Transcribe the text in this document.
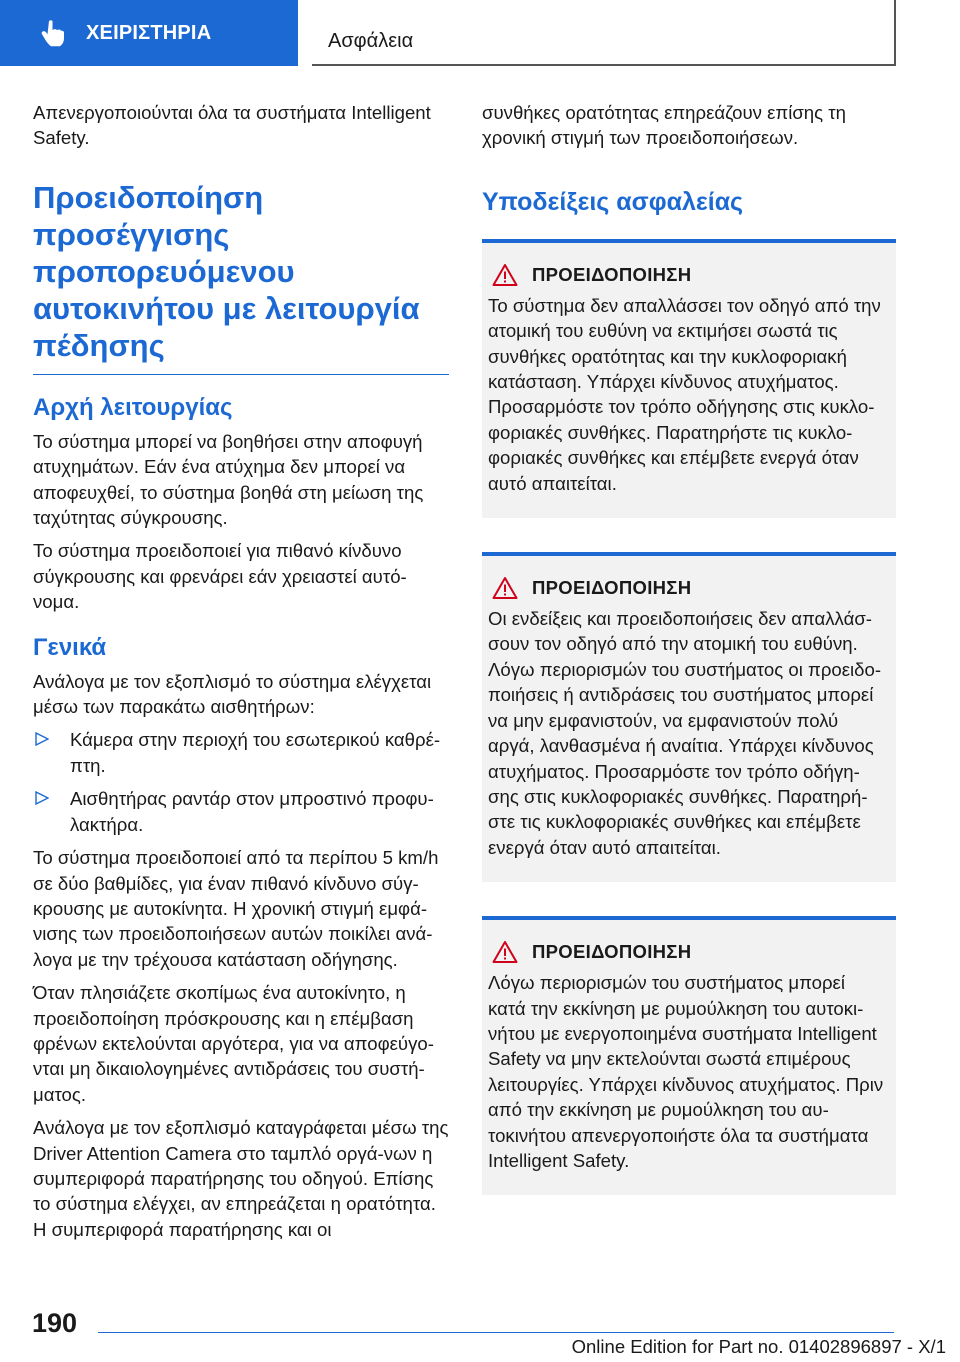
ΧΕΙΡΙΣΤΗΡΙΑ	Ασφάλεια

Απενεργοποιούνται όλα τα συστήματα Intelligent Safety.

Προειδοποίηση προσέγγισης προπορευόμενου αυτοκινήτου με λειτουργία πέδησης
Αρχή λειτουργίας

Το σύστημα μπορεί να βοηθήσει στην αποφυγή ατυχημάτων. Εάν ένα ατύχημα δεν μπορεί να αποφευχθεί, το σύστημα βοηθά στη μείωση της ταχύτητας σύγκρουσης.

Το σύστημα προειδοποιεί για πιθανό κίνδυνο σύγκρουσης και φρενάρει εάν χρειαστεί αυτό-νομα.

Γενικά

Ανάλογα με τον εξοπλισμό το σύστημα ελέγχεται μέσω των παρακάτω αισθητήρων:

Κάμερα στην περιοχή του εσωτερικού καθρέ-πτη.
Αισθητήρας ραντάρ στον μπροστινό προφυ-λακτήρα.

Το σύστημα προειδοποιεί από τα περίπου 5 km/h σε δύο βαθμίδες, για έναν πιθανό κίνδυνο σύγ-κρουσης με αυτοκίνητα. Η χρονική στιγμή εμφά-νισης των προειδοποιήσεων αυτών ποικίλει ανά-λογα με την τρέχουσα κατάσταση οδήγησης.

Όταν πλησιάζετε σκοπίμως ένα αυτοκίνητο, η προειδοποίηση πρόσκρουσης και η επέμβαση φρένων εκτελούνται αργότερα, για να αποφεύγο-νται μη δικαιολογημένες αντιδράσεις του συστή-ματος.

Ανάλογα με τον εξοπλισμό καταγράφεται μέσω της Driver Attention Camera στο ταμπλό οργά-νων η συμπεριφορά παρατήρησης του οδηγού. Επίσης το σύστημα ελέγχει, αν επηρεάζεται η ορατότητα. Η συμπεριφορά παρατήρησης και οι

συνθήκες ορατότητας επηρεάζουν επίσης τη χρονική στιγμή των προειδοποιήσεων.

Υποδείξεις ασφαλείας
ΠΡΟΕΙΔΟΠΟΙΗΣΗ

Το σύστημα δεν απαλλάσσει τον οδηγό από την ατομική του ευθύνη να εκτιμήσει σωστά τις συνθήκες ορατότητας και την κυκλοφοριακή κατάσταση. Υπάρχει κίνδυνος ατυχήματος. Προσαρμόστε τον τρόπο οδήγησης στις κυκλο-φοριακές συνθήκες. Παρατηρήστε τις κυκλο-φοριακές συνθήκες και επέμβετε ενεργά όταν αυτό απαιτείται.

ΠΡΟΕΙΔΟΠΟΙΗΣΗ

Οι ενδείξεις και προειδοποιήσεις δεν απαλλάσ-σουν τον οδηγό από την ατομική του ευθύνη. Λόγω περιορισμών του συστήματος οι προειδο-ποιήσεις ή αντιδράσεις του συστήματος μπορεί να μην εμφανιστούν, να εμφανιστούν πολύ αργά, λανθασμένα ή αναίτια. Υπάρχει κίνδυνος ατυχήματος. Προσαρμόστε τον τρόπο οδήγη-σης στις κυκλοφοριακές συνθήκες. Παρατηρή-στε τις κυκλοφοριακές συνθήκες και επέμβετε ενεργά όταν αυτό απαιτείται.

ΠΡΟΕΙΔΟΠΟΙΗΣΗ

Λόγω περιορισμών του συστήματος μπορεί κατά την εκκίνηση με ρυμούλκηση του αυτοκι-νήτου με ενεργοποιημένα συστήματα Intelligent Safety να μην εκτελούνται σωστά επιμέρους λειτουργίες. Υπάρχει κίνδυνος ατυχήματος. Πριν από την εκκίνηση με ρυμούλκηση του αυ-τοκινήτου απενεργοποιήστε όλα τα συστήματα Intelligent Safety.

190
Online Edition for Part no. 01402896897 - X/1
